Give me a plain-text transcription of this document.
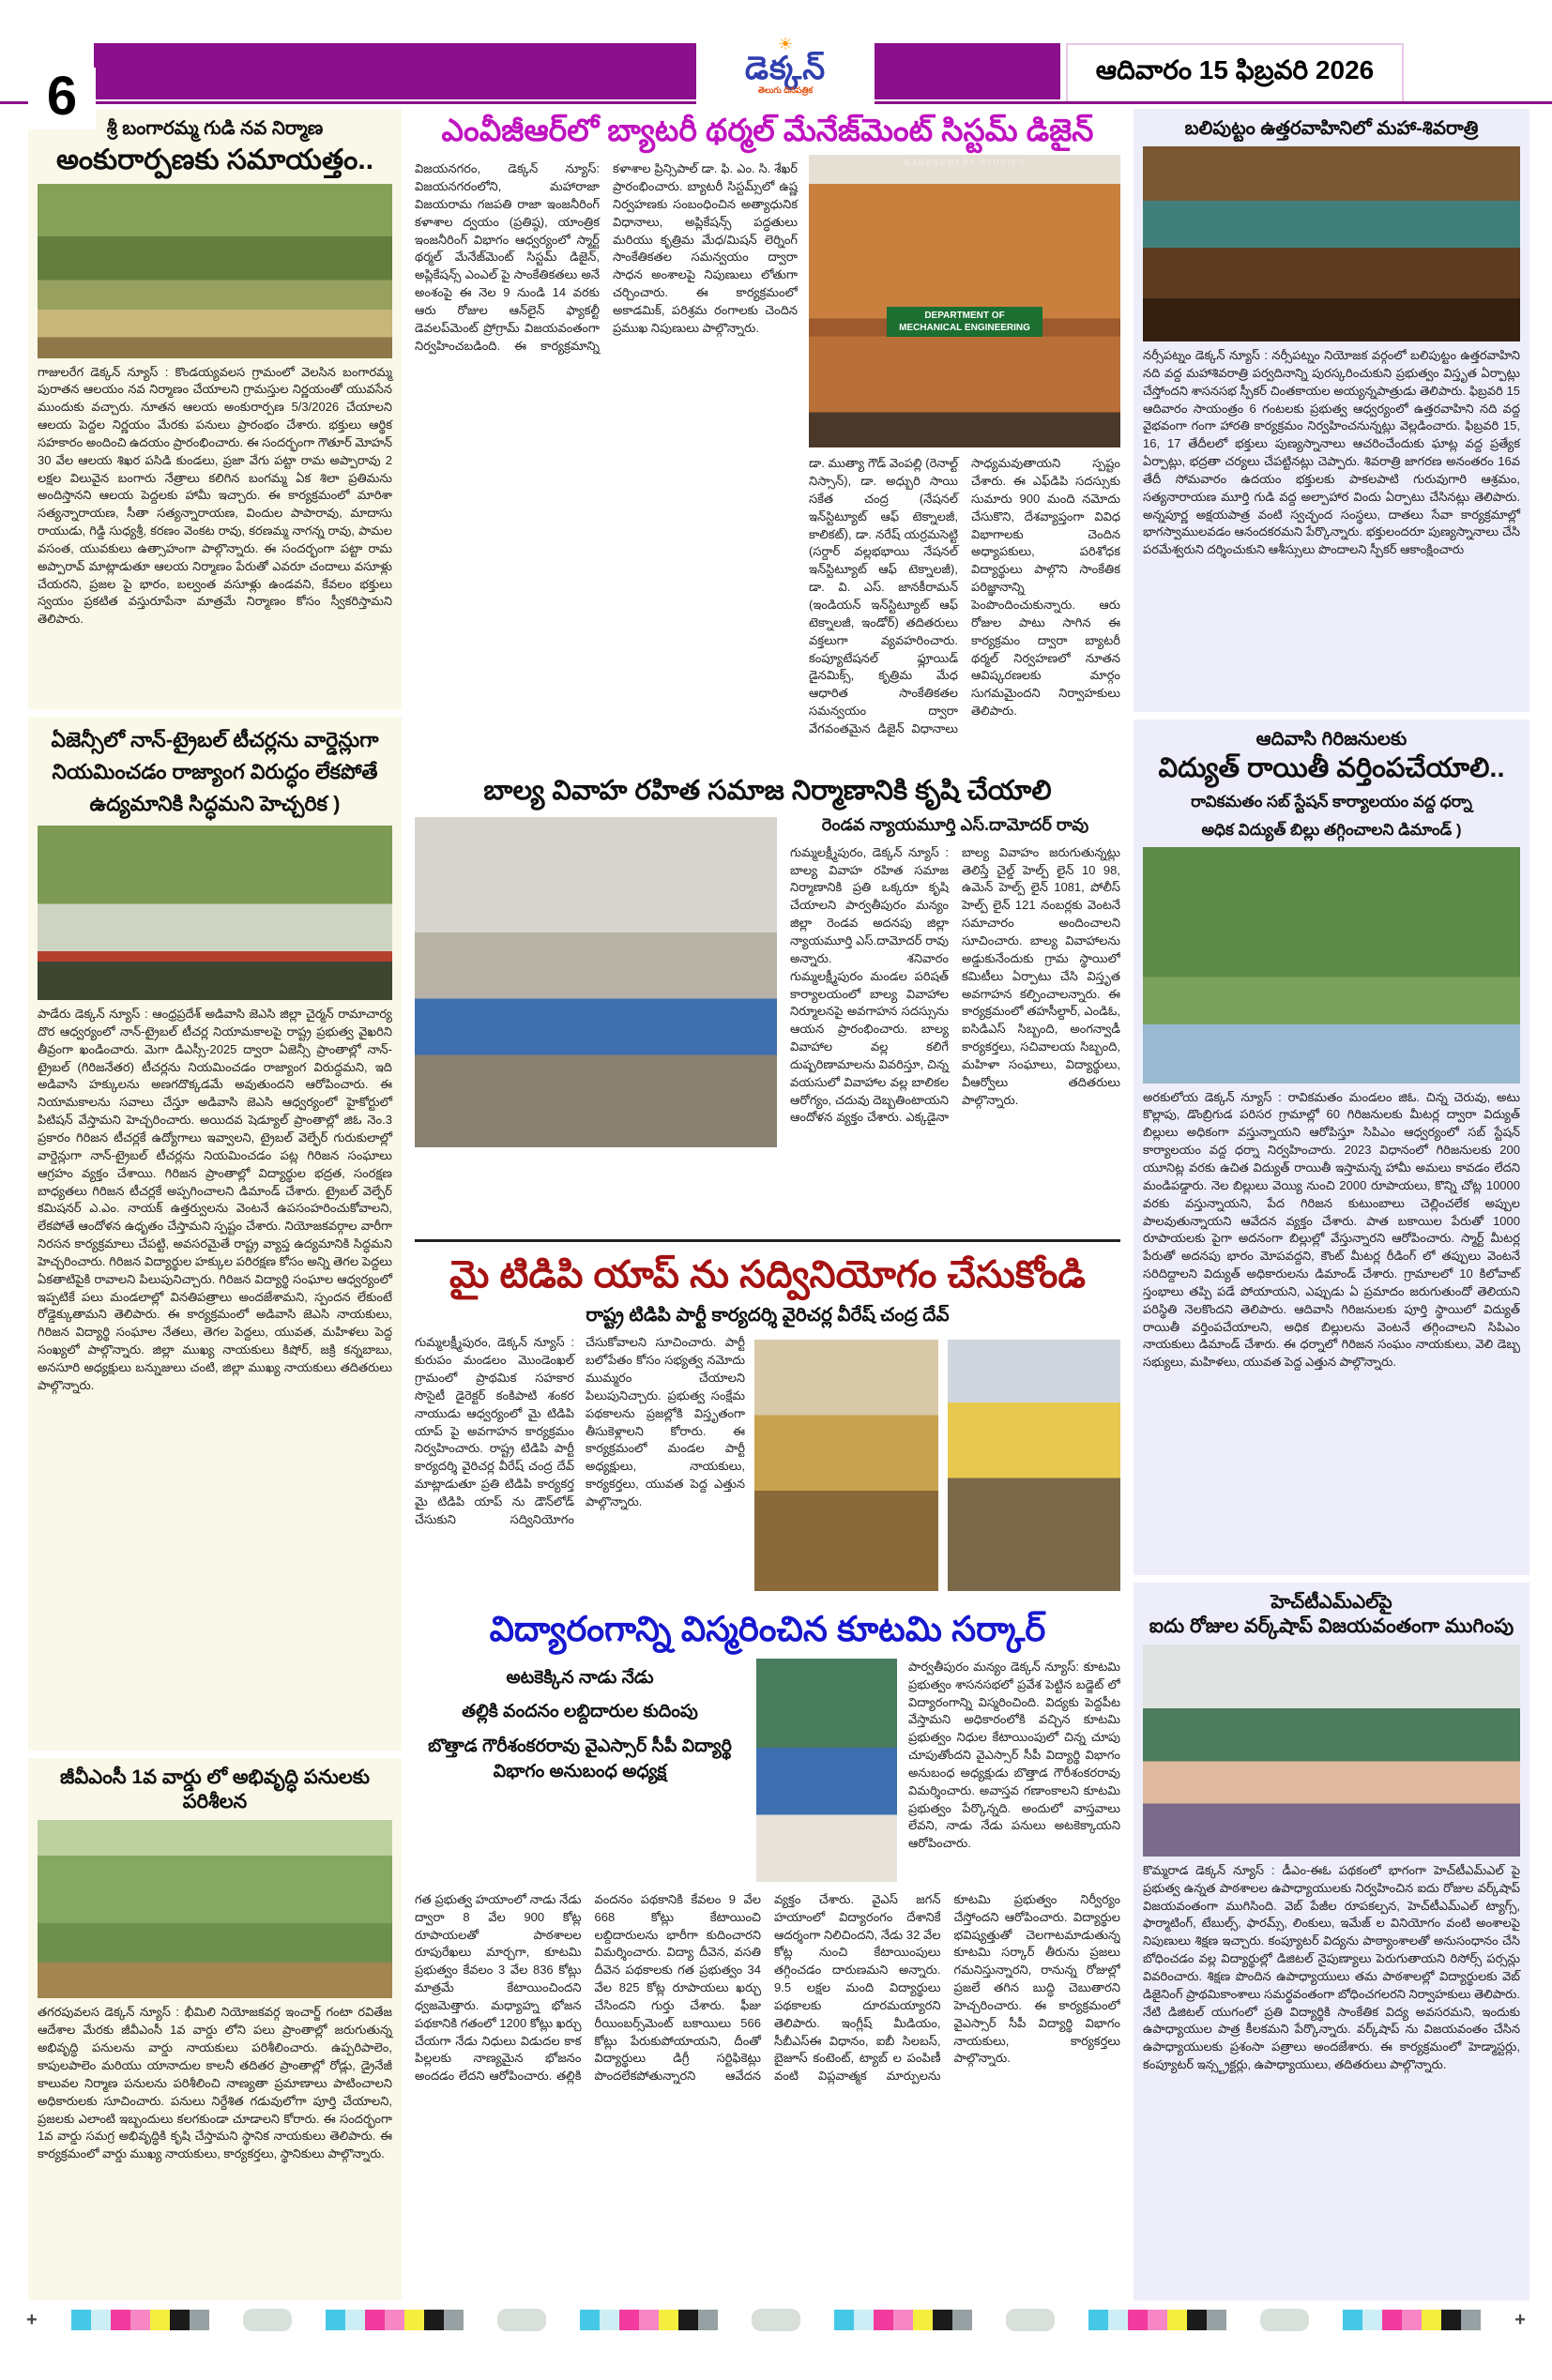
6
☀
డెక్కన్
తెలుగు దినపత్రిక
ఆదివారం 15 ఫిబ్రవరి 2026
శ్రీ బంగారమ్మ గుడి నవ నిర్మాణ
అంకురార్పణకు సమాయత్తం..
గాజులరేగ డెక్కన్ న్యూస్ : కొండయ్యవలస గ్రామంలో వెలసిన బంగారమ్మ పురాతన ఆలయం నవ నిర్మాణం చేయాలని గ్రామస్తుల నిర్ణయంతో యువసేన ముందుకు వచ్చారు. నూతన ఆలయ అంకురార్పణ 5/3/2026 చేయాలని ఆలయ పెద్దల నిర్ణయం మేరకు పనులు ప్రారంభం చేశారు. భక్తులు ఆర్థిక సహకారం అందించి ఉదయం ప్రారంభించారు. ఈ సందర్భంగా గౌతూర్ మోహన్ 30 వేల ఆలయ శిఖర పసిడి కుండలు, ప్రజా వేగు పట్టా రామ అప్పారావు 2 లక్షల విలువైన బంగారు నేత్రాలు కలిగిన బంగమ్మ ఏక శిలా ప్రతిమను అందిస్తానని ఆలయ పెద్దలకు హామీ ఇచ్చారు. ఈ కార్యక్రమంలో మారిశా సత్యన్నారాయణ, సీతా సత్యన్నారాయణ, విందుల పాపారావు, మాదాసు రాయుడు, గిడ్డి సుధ్యశ్రీ, కరణం వెంకట రావు, కరణమ్మ నాగన్న రావు, పామల వసంత, యువకులు ఉత్సాహంగా పాల్గొన్నారు. ఈ సందర్భంగా పట్టా రామ అప్పారావ్ మాట్లాడుతూ ఆలయ నిర్మాణం పేరుతో ఎవరూ చందాలు వసూళ్లు చేయరని, ప్రజల పై భారం, బల్వంత వసూళ్లు ఉండవని, కేవలం భక్తులు స్వయం ప్రకటిత వస్తురూపేనా మాత్రమే నిర్మాణం కోసం స్వీకరిస్తామని తెలిపారు.
ఏజెన్సీలో నాన్-ట్రైబల్ టీచర్లను వార్డెన్లుగా నియమించడం రాజ్యాంగ విరుద్ధం లేకపోతే ఉద్యమానికి సిద్ధమని హెచ్చరిక )
పాడేరు డెక్కన్ న్యూస్ : ఆంధ్రప్రదేశ్ అడివాసి జెఎసి జిల్లా చైర్మన్ రామాచార్య దొర ఆధ్వర్యంలో నాన్-ట్రైబల్ టీచర్ల నియామకాలపై రాష్ట్ర ప్రభుత్వ వైఖరిని తీవ్రంగా ఖండించారు. మెగా డిఎస్సీ-2025 ద్వారా ఏజెన్సీ ప్రాంతాల్లో నాన్-ట్రైబల్ (గిరిజనేతర) టీచర్లను నియమించడం రాజ్యాంగ విరుద్ధమని, ఇది అడివాసి హక్కులను అణగదొక్కడమే అవుతుందని ఆరోపించారు. ఈ నియామకాలను సవాలు చేస్తూ అడివాసి జెఎసి ఆధ్వర్యంలో హైకోర్టులో పిటిషన్ వేస్తామని హెచ్చరించారు. అయిదవ షెడ్యూల్ ప్రాంతాల్లో జిఓ నెం.3 ప్రకారం గిరిజన టీచర్లకే ఉద్యోగాలు ఇవ్వాలని, ట్రైబల్ వెల్ఫేర్ గురుకులాల్లో వార్డెన్లుగా నాన్-ట్రైబల్ టీచర్లను నియమించడం పట్ల గిరిజన సంఘాలు ఆగ్రహం వ్యక్తం చేశాయి. గిరిజన ప్రాంతాల్లో విద్యార్థుల భద్రత, సంరక్షణ బాధ్యతలు గిరిజన టీచర్లకే అప్పగించాలని డిమాండ్ చేశారు. ట్రైబల్ వెల్ఫేర్ కమిషనర్ ఎ.ఎం. నాయక్ ఉత్తర్వులను వెంటనే ఉపసంహరించుకోవాలని, లేకపోతే ఆందోళన ఉధృతం చేస్తామని స్పష్టం చేశారు. నియోజకవర్గాల వారీగా నిరసన కార్యక్రమాలు చేపట్టి, అవసరమైతే రాష్ట్ర వ్యాప్త ఉద్యమానికి సిద్ధమని హెచ్చరించారు. గిరిజన విద్యార్థుల హక్కుల పరిరక్షణ కోసం అన్ని తెగల పెద్దలు ఏకతాటిపైకి రావాలని పిలుపునిచ్చారు. గిరిజన విద్యార్థి సంఘాల ఆధ్వర్యంలో ఇప్పటికే పలు మండలాల్లో వినతిపత్రాలు అందజేశామని, స్పందన లేకుంటే రోడ్డెక్కుతామని తెలిపారు. ఈ కార్యక్రమంలో అడివాసి జెఎసి నాయకులు, గిరిజన విద్యార్థి సంఘాల నేతలు, తెగల పెద్దలు, యువత, మహిళలు పెద్ద సంఖ్యలో పాల్గొన్నారు. జిల్లా ముఖ్య నాయకులు కిషోర్, జక్రి కన్నబాబు, అనసూరి అధ్యక్షులు బన్నుజులు చంటి, జిల్లా ముఖ్య నాయకులు తదితరులు పాల్గొన్నారు.
జీవీఎంసీ 1వ వార్డు లో అభివృద్ధి పనులకు పరిశీలన
తగరపువలస డెక్కన్ న్యూస్ : భీమిలి నియోజకవర్గ ఇంచార్జ్ గంటా రవితేజ ఆదేశాల మేరకు జీవీఎంసీ 1వ వార్డు లోని పలు ప్రాంతాల్లో జరుగుతున్న అభివృద్ధి పనులను వార్డు నాయకులు పరిశీలించారు. ఉప్పరిపాలెం, కాపులపాలెం మరియు యానాదుల కాలనీ తదితర ప్రాంతాల్లో రోడ్లు, డ్రైనేజీ కాలువల నిర్మాణ పనులను పరిశీలించి నాణ్యతా ప్రమాణాలు పాటించాలని అధికారులకు సూచించారు. పనులు నిర్దేశిత గడువులోగా పూర్తి చేయాలని, ప్రజలకు ఎలాంటి ఇబ్బందులు కలగకుండా చూడాలని కోరారు. ఈ సందర్భంగా 1వ వార్డు సమగ్ర అభివృద్ధికి కృషి చేస్తామని స్థానిక నాయకులు తెలిపారు. ఈ కార్యక్రమంలో వార్డు ముఖ్య నాయకులు, కార్యకర్తలు, స్థానికులు పాల్గొన్నారు.
ఎంవీజీఆర్‌లో బ్యాటరీ థర్మల్ మేనేజ్‌మెంట్ సిస్టమ్ డిజైన్
విజయనగరం, డెక్కన్ న్యూస్: విజయనగరంలోని, మహారాజా విజయరామ గజపతి రాజా ఇంజనీరింగ్ కళాశాల ద్వయం (ప్రతిష్ఠ), యాంత్రిక ఇంజనీరింగ్ విభాగం ఆధ్వర్యంలో స్మార్ట్ థర్మల్ మేనేజ్‌మెంట్ సిస్టమ్ డిజైన్, అప్లికేషన్స్ ఎంఎల్ పై సాంకేతికతలు అనే అంశంపై ఈ నెల 9 నుండి 14 వరకు ఆరు రోజుల ఆన్‌లైన్ ఫ్యాకల్టీ డెవలప్‌మెంట్ ప్రోగ్రామ్ విజయవంతంగా నిర్వహించబడింది. ఈ కార్యక్రమాన్ని కళాశాల ప్రిన్సిపాల్ డా. ఫి. ఎం. సి. శేఖర్ ప్రారంభించారు. బ్యాటరీ సిస్టమ్స్‌లో ఉష్ణ నిర్వహణకు సంబంధించిన అత్యాధునిక విధానాలు, అప్లికేషన్స్ పద్ధతులు మరియు కృత్రిమ మేధ/మిషన్ లెర్నింగ్ సాంకేతికతల సమన్వయం ద్వారా సాధన అంశాలపై నిపుణులు లోతుగా చర్చించారు. ఈ కార్యక్రమంలో అకాడమిక్, పరిశ్రమ రంగాలకు చెందిన ప్రముఖ నిపుణులు పాల్గొన్నారు.
MANAGEMENT STUDIES
DEPARTMENT OF MECHANICAL ENGINEERING
డా. ముత్యా గౌడ్ వెంపల్లి (రెనాల్ట్ నిస్సాన్), డా. అధ్బురి సాయి సకేత చంద్ర (నేషనల్ ఇన్‌స్టిట్యూట్ ఆఫ్ టెక్నాలజీ, కాలికట్), డా. నరేష్ యర్రమసెట్టి (సర్దార్ వల్లభభాయి నేషనల్ ఇన్‌స్టిట్యూట్ ఆఫ్ టెక్నాలజీ), డా. వి. ఎస్. జానకీరామన్ (ఇండియన్ ఇన్‌స్టిట్యూట్ ఆఫ్ టెక్నాలజీ, ఇండోర్) తదితరులు వక్తలుగా వ్యవహరించారు. కంప్యూటేషనల్ ఫ్లూయిడ్ డైనమిక్స్, కృత్రిమ మేధ ఆధారిత సాంకేతికతల సమన్వయం ద్వారా వేగవంతమైన డిజైన్ విధానాలు సాధ్యమవుతాయని స్పష్టం చేశారు. ఈ ఎఫ్‌డిపి సదస్సుకు సుమారు 900 మంది నమోదు చేసుకొని, దేశవ్యాప్తంగా వివిధ విభాగాలకు చెందిన అధ్యాపకులు, పరిశోధక విద్యార్థులు పాల్గొని సాంకేతిక పరిజ్ఞానాన్ని పెంపొందించుకున్నారు. ఆరు రోజుల పాటు సాగిన ఈ కార్యక్రమం ద్వారా బ్యాటరీ థర్మల్ నిర్వహణలో నూతన ఆవిష్కరణలకు మార్గం సుగమమైందని నిర్వాహకులు తెలిపారు.
బాల్య వివాహ రహిత సమాజ నిర్మాణానికి కృషి చేయాలి
రెండవ న్యాయమూర్తి ఎస్.దామోదర్ రావు
గుమ్మలక్ష్మీపురం, డెక్కన్ న్యూస్ : బాల్య వివాహ రహిత సమాజ నిర్మాణానికి ప్రతి ఒక్కరూ కృషి చేయాలని పార్వతీపురం మన్యం జిల్లా రెండవ అదనపు జిల్లా న్యాయమూర్తి ఎస్.దామోదర్ రావు అన్నారు. శనివారం గుమ్మలక్ష్మీపురం మండల పరిషత్ కార్యాలయంలో బాల్య వివాహాల నిర్మూలనపై అవగాహన సదస్సును ఆయన ప్రారంభించారు. బాల్య వివాహాల వల్ల కలిగే దుష్పరిణామాలను వివరిస్తూ, చిన్న వయసులో వివాహాల వల్ల బాలికల ఆరోగ్యం, చదువు దెబ్బతింటాయని ఆందోళన వ్యక్తం చేశారు. ఎక్కడైనా బాల్య వివాహం జరుగుతున్నట్లు తెలిస్తే చైల్డ్ హెల్ప్ లైన్ 10 98, ఉమెన్ హెల్ప్ లైన్ 1081, పోలీస్ హెల్ప్ లైన్ 121 నంబర్లకు వెంటనే సమాచారం అందించాలని సూచించారు. బాల్య వివాహాలను అడ్డుకునేందుకు గ్రామ స్థాయిలో కమిటీలు ఏర్పాటు చేసి విస్తృత అవగాహన కల్పించాలన్నారు. ఈ కార్యక్రమంలో తహసీల్దార్, ఎండిఓ, ఐసిడిఎస్ సిబ్బంది, అంగన్వాడీ కార్యకర్తలు, సచివాలయ సిబ్బంది, మహిళా సంఘాలు, విద్యార్థులు, వీఆర్వోలు తదితరులు పాల్గొన్నారు.
మై టిడిపి యాప్ ను సద్వినియోగం చేసుకోండి
రాష్ట్ర టిడిపి పార్టీ కార్యదర్శి వైరిచర్ల వీరేష్ చంద్ర దేవ్
గుమ్మలక్ష్మీపురం, డెక్కన్ న్యూస్ : కురుపం మండలం మొండెంఖల్ గ్రామంలో ప్రాథమిక సహకార సొసైటీ డైరెక్టర్ కంకిపాటి శంకర నాయుడు ఆధ్వర్యంలో మై టిడిపి యాప్ పై అవగాహన కార్యక్రమం నిర్వహించారు. రాష్ట్ర టిడిపి పార్టీ కార్యదర్శి వైరిచర్ల వీరేష్ చంద్ర దేవ్ మాట్లాడుతూ ప్రతి టిడిపి కార్యకర్త మై టిడిపి యాప్ ను డౌన్‌లోడ్ చేసుకుని సద్వినియోగం చేసుకోవాలని సూచించారు. పార్టీ బలోపేతం కోసం సభ్యత్వ నమోదు ముమ్మరం చేయాలని పిలుపునిచ్చారు. ప్రభుత్వ సంక్షేమ పథకాలను ప్రజల్లోకి విస్తృతంగా తీసుకెళ్లాలని కోరారు. ఈ కార్యక్రమంలో మండల పార్టీ అధ్యక్షులు, నాయకులు, కార్యకర్తలు, యువత పెద్ద ఎత్తున పాల్గొన్నారు.
విద్యారంగాన్ని విస్మరించిన కూటమి సర్కార్
అటకెక్కిన నాడు నేడు
తల్లికి వందనం లబ్దిదారుల కుదింపు
బొత్తాడ గౌరీశంకరరావు వైఎస్సార్ సీపీ విద్యార్థి విభాగం అనుబంధ అధ్యక్ష
పార్వతీపురం మన్యం డెక్కన్ న్యూస్: కూటమి ప్రభుత్వం శాసనసభలో ప్రవేశ పెట్టిన బడ్జెట్ లో విద్యారంగాన్ని విస్మరించింది. విద్యకు పెద్దపీట వేస్తామని అధికారంలోకి వచ్చిన కూటమి ప్రభుత్వం నిధుల కేటాయింపులో చిన్న చూపు చూపుతోందని వైఎస్సార్ సీపీ విద్యార్థి విభాగం అనుబంధ అధ్యక్షుడు బొత్తాడ గౌరీశంకరరావు విమర్శించారు. అవాస్తవ గణాంకాలని కూటమి ప్రభుత్వం పేర్కొన్నది. అందులో వాస్తవాలు లేవని, నాడు నేడు పనులు అటకెక్కాయని ఆరోపించారు.
గత ప్రభుత్వ హయాంలో నాడు నేడు ద్వారా 8 వేల 900 కోట్ల రూపాయలతో పాఠశాలల రూపురేఖలు మార్చగా, కూటమి ప్రభుత్వం కేవలం 3 వేల 836 కోట్లు మాత్రమే కేటాయించిందని ధ్వజమెత్తారు. మధ్యాహ్న భోజన పథకానికి గతంలో 1200 కోట్లు ఖర్చు చేయగా నేడు నిధులు విడుదల కాక పిల్లలకు నాణ్యమైన భోజనం అందడం లేదని ఆరోపించారు. తల్లికి వందనం పథకానికి కేవలం 9 వేల 668 కోట్లు కేటాయించి లబ్దిదారులను భారీగా కుదించారని విమర్శించారు. విద్యా దీవెన, వసతి దీవెన పథకాలకు గత ప్రభుత్వం 34 వేల 825 కోట్ల రూపాయలు ఖర్చు చేసిందని గుర్తు చేశారు. ఫీజు రీయింబర్స్‌మెంట్ బకాయిలు 566 కోట్లు పేరుకుపోయాయని, దీంతో విద్యార్థులు డిగ్రీ సర్టిఫికెట్లు పొందలేకపోతున్నారని ఆవేదన వ్యక్తం చేశారు. వైఎస్ జగన్ హయాంలో విద్యారంగం దేశానికే ఆదర్శంగా నిలిచిందని, నేడు 32 వేల కోట్ల నుంచి కేటాయింపులు తగ్గించడం దారుణమని అన్నారు. 9.5 లక్షల మంది విద్యార్థులు పథకాలకు దూరమయ్యారని తెలిపారు. ఇంగ్లీష్ మీడియం, సీబీఎస్ఈ విధానం, ఐబీ సిలబస్, బైజూస్ కంటెంట్, ట్యాబ్ ల పంపిణీ వంటి విప్లవాత్మక మార్పులను కూటమి ప్రభుత్వం నిర్వీర్యం చేస్తోందని ఆరోపించారు. విద్యార్థుల భవిష్యత్తుతో చెలగాటమాడుతున్న కూటమి సర్కార్ తీరును ప్రజలు గమనిస్తున్నారని, రానున్న రోజుల్లో ప్రజలే తగిన బుద్ధి చెబుతారని హెచ్చరించారు. ఈ కార్యక్రమంలో వైఎస్సార్ సీపీ విద్యార్థి విభాగం నాయకులు, కార్యకర్తలు పాల్గొన్నారు.
బలిపుట్టం ఉత్తరవాహినిలో మహా-శివరాత్రి
నర్సీపట్నం డెక్కన్ న్యూస్ : నర్సీపట్నం నియోజక వర్గంలో బలిపుట్టం ఉత్తరవాహిని నది వద్ద మహాశివరాత్రి పర్వదినాన్ని పురస్కరించుకుని ప్రభుత్వం విస్తృత ఏర్పాట్లు చేస్తోందని శాసనసభ స్పీకర్ చింతకాయల అయ్యన్నపాత్రుడు తెలిపారు. ఫిబ్రవరి 15 ఆదివారం సాయంత్రం 6 గంటలకు ప్రభుత్వ ఆధ్వర్యంలో ఉత్తరవాహిని నది వద్ద వైభవంగా గంగా హారతి కార్యక్రమం నిర్వహించనున్నట్లు వెల్లడించారు. ఫిబ్రవరి 15, 16, 17 తేదీలలో భక్తులు పుణ్యస్నానాలు ఆచరించేందుకు ఘాట్ల వద్ద ప్రత్యేక ఏర్పాట్లు, భద్రతా చర్యలు చేపట్టినట్లు చెప్పారు. శివరాత్రి జాగరణ అనంతరం 16వ తేదీ సోమవారం ఉదయం భక్తులకు పాకలపాటి గురువుగారి ఆశ్రమం, సత్యనారాయణ మూర్తి గుడి వద్ద అల్పాహార విందు ఏర్పాటు చేసినట్లు తెలిపారు. అన్నపూర్ణ అక్షయపాత్ర వంటి స్వచ్ఛంద సంస్థలు, దాతలు సేవా కార్యక్రమాల్లో భాగస్వాములవడం ఆనందకరమని పేర్కొన్నారు. భక్తులందరూ పుణ్యస్నానాలు చేసి పరమేశ్వరుని దర్శించుకుని ఆశీస్సులు పొందాలని స్పీకర్ ఆకాంక్షించారు
ఆదివాసి గిరిజనులకు
విద్యుత్ రాయితీ వర్తింపచేయాలి..
రావికమతం సబ్ స్టేషన్ కార్యాలయం వద్ద ధర్నా
అధిక విద్యుత్ బిల్లు తగ్గించాలని డిమాండ్ )
అరకులోయ డెక్కన్ న్యూస్ : రావికమతం మండలం జిఓ. చిన్న చెరువు, అటు కొల్లాపు, డొంబ్రిగుడ పరిసర గ్రామాల్లో 60 గిరిజనులకు మీటర్ల ద్వారా విద్యుత్ బిల్లులు అధికంగా వస్తున్నాయని ఆరోపిస్తూ సిపిఎం ఆధ్వర్యంలో సబ్ స్టేషన్ కార్యాలయం వద్ద ధర్నా నిర్వహించారు. 2023 విధానంలో గిరిజనులకు 200 యూనిట్ల వరకు ఉచిత విద్యుత్ రాయితీ ఇస్తామన్న హామీ అమలు కావడం లేదని మండిపడ్డారు. నెల బిల్లులు వెయ్యి నుంచి 2000 రూపాయలు, కొన్ని చోట్ల 10000 వరకు వస్తున్నాయని, పేద గిరిజన కుటుంబాలు చెల్లించలేక అప్పుల పాలవుతున్నాయని ఆవేదన వ్యక్తం చేశారు. పాత బకాయిల పేరుతో 1000 రూపాయలకు పైగా అదనంగా బిల్లుల్లో వేస్తున్నారని ఆరోపించారు. స్మార్ట్ మీటర్ల పేరుతో అదనపు భారం మోపవద్దని, కౌంట్ మీటర్ల రీడింగ్ లో తప్పులు వెంటనే సరిదిద్దాలని విద్యుత్ అధికారులను డిమాండ్ చేశారు. గ్రామాలలో 10 కిలోవాట్ స్తంభాలు తప్పి పడే పోయాయని, ఎప్పుడు ఏ ప్రమాదం జరుగుతుందో తెలియని పరిస్థితి నెలకొందని తెలిపారు. ఆదివాసి గిరిజనులకు పూర్తి స్థాయిలో విద్యుత్ రాయితీ వర్తింపచేయాలని, అధిక బిల్లులను వెంటనే తగ్గించాలని సిపిఎం నాయకులు డిమాండ్ చేశారు. ఈ ధర్నాలో గిరిజన సంఘం నాయకులు, వెలి డెబ్బ సభ్యులు, మహిళలు, యువత పెద్ద ఎత్తున పాల్గొన్నారు.
హెచ్‌టీఎమ్‌ఎల్‌పై
ఐదు రోజుల వర్క్‌షాప్ విజయవంతంగా ముగింపు
కొమ్మరాడ డెక్కన్ న్యూస్ : డీఎం-ఈఓ పథకంలో భాగంగా హెచ్‌టీఎమ్‌ఎల్ పై ప్రభుత్వ ఉన్నత పాఠశాలల ఉపాధ్యాయులకు నిర్వహించిన ఐదు రోజుల వర్క్‌షాప్ విజయవంతంగా ముగిసింది. వెబ్ పేజీల రూపకల్పన, హెచ్‌టీఎమ్‌ఎల్ ట్యాగ్స్, ఫార్మాటింగ్, టేబుల్స్, ఫారమ్స్, లింకులు, ఇమేజ్ ల వినియోగం వంటి అంశాలపై నిపుణులు శిక్షణ ఇచ్చారు. కంప్యూటర్ విద్యను పాఠ్యాంశాలతో అనుసంధానం చేసి బోధించడం వల్ల విద్యార్థుల్లో డిజిటల్ నైపుణ్యాలు పెరుగుతాయని రిసోర్స్ పర్సన్లు వివరించారు. శిక్షణ పొందిన ఉపాధ్యాయులు తమ పాఠశాలల్లో విద్యార్థులకు వెబ్ డిజైనింగ్ ప్రాథమికాంశాలు సమర్థవంతంగా బోధించగలరని నిర్వాహకులు తెలిపారు. నేటి డిజిటల్ యుగంలో ప్రతి విద్యార్థికి సాంకేతిక విద్య అవసరమని, ఇందుకు ఉపాధ్యాయుల పాత్ర కీలకమని పేర్కొన్నారు. వర్క్‌షాప్ ను విజయవంతం చేసిన ఉపాధ్యాయులకు ప్రశంసా పత్రాలు అందజేశారు. ఈ కార్యక్రమంలో హెడ్మాస్టర్లు, కంప్యూటర్ ఇన్స్ట్రక్టర్లు, ఉపాధ్యాయులు, తదితరులు పాల్గొన్నారు.
+	+
